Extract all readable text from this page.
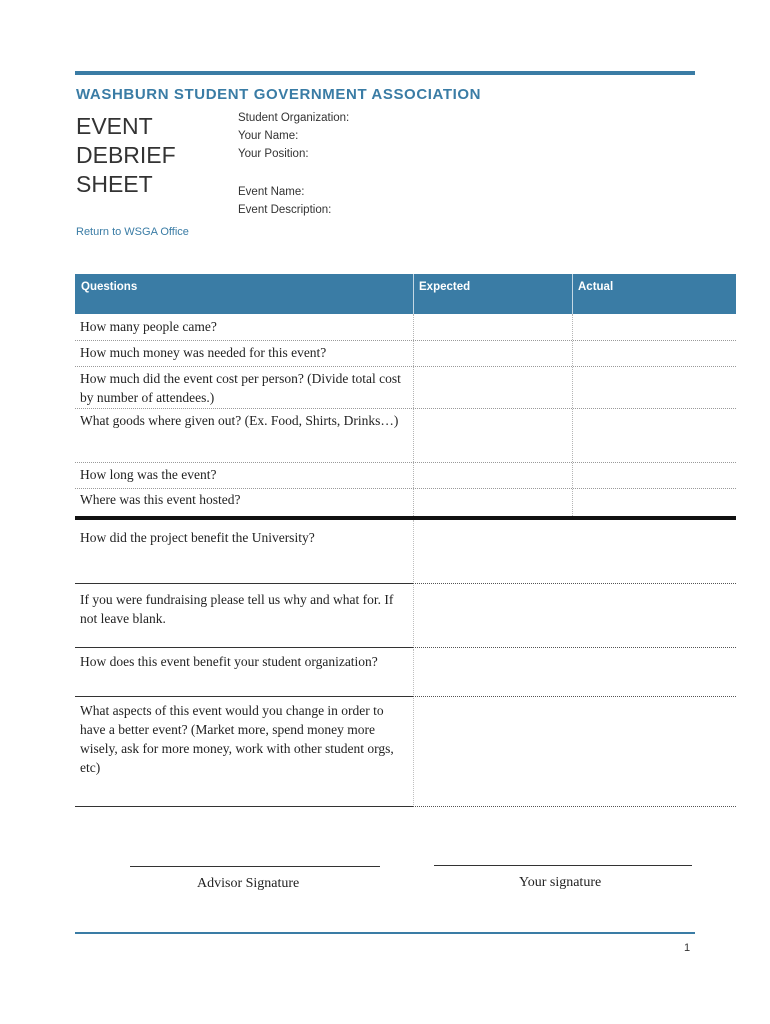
WASHBURN STUDENT GOVERNMENT ASSOCIATION
EVENT
DEBRIEF
SHEET
Student Organization:
Your Name:
Your Position:
Event Name:
Event Description:
Return to WSGA Office
Questions	Expected	Actual
How many people came?
How much money was needed for this event?
How much did the event cost per person? (Divide total cost by number of attendees.)
What goods where given out? (Ex. Food, Shirts, Drinks…)
How long was the event?
Where was this event hosted?
How did the project benefit the University?
If you were fundraising please tell us why and what for. If not leave blank.
How does this event benefit your student organization?
What aspects of this event would you change in order to have a better event? (Market more, spend money more wisely, ask for more money, work with other student orgs, etc)
Advisor Signature	Your signature
1
